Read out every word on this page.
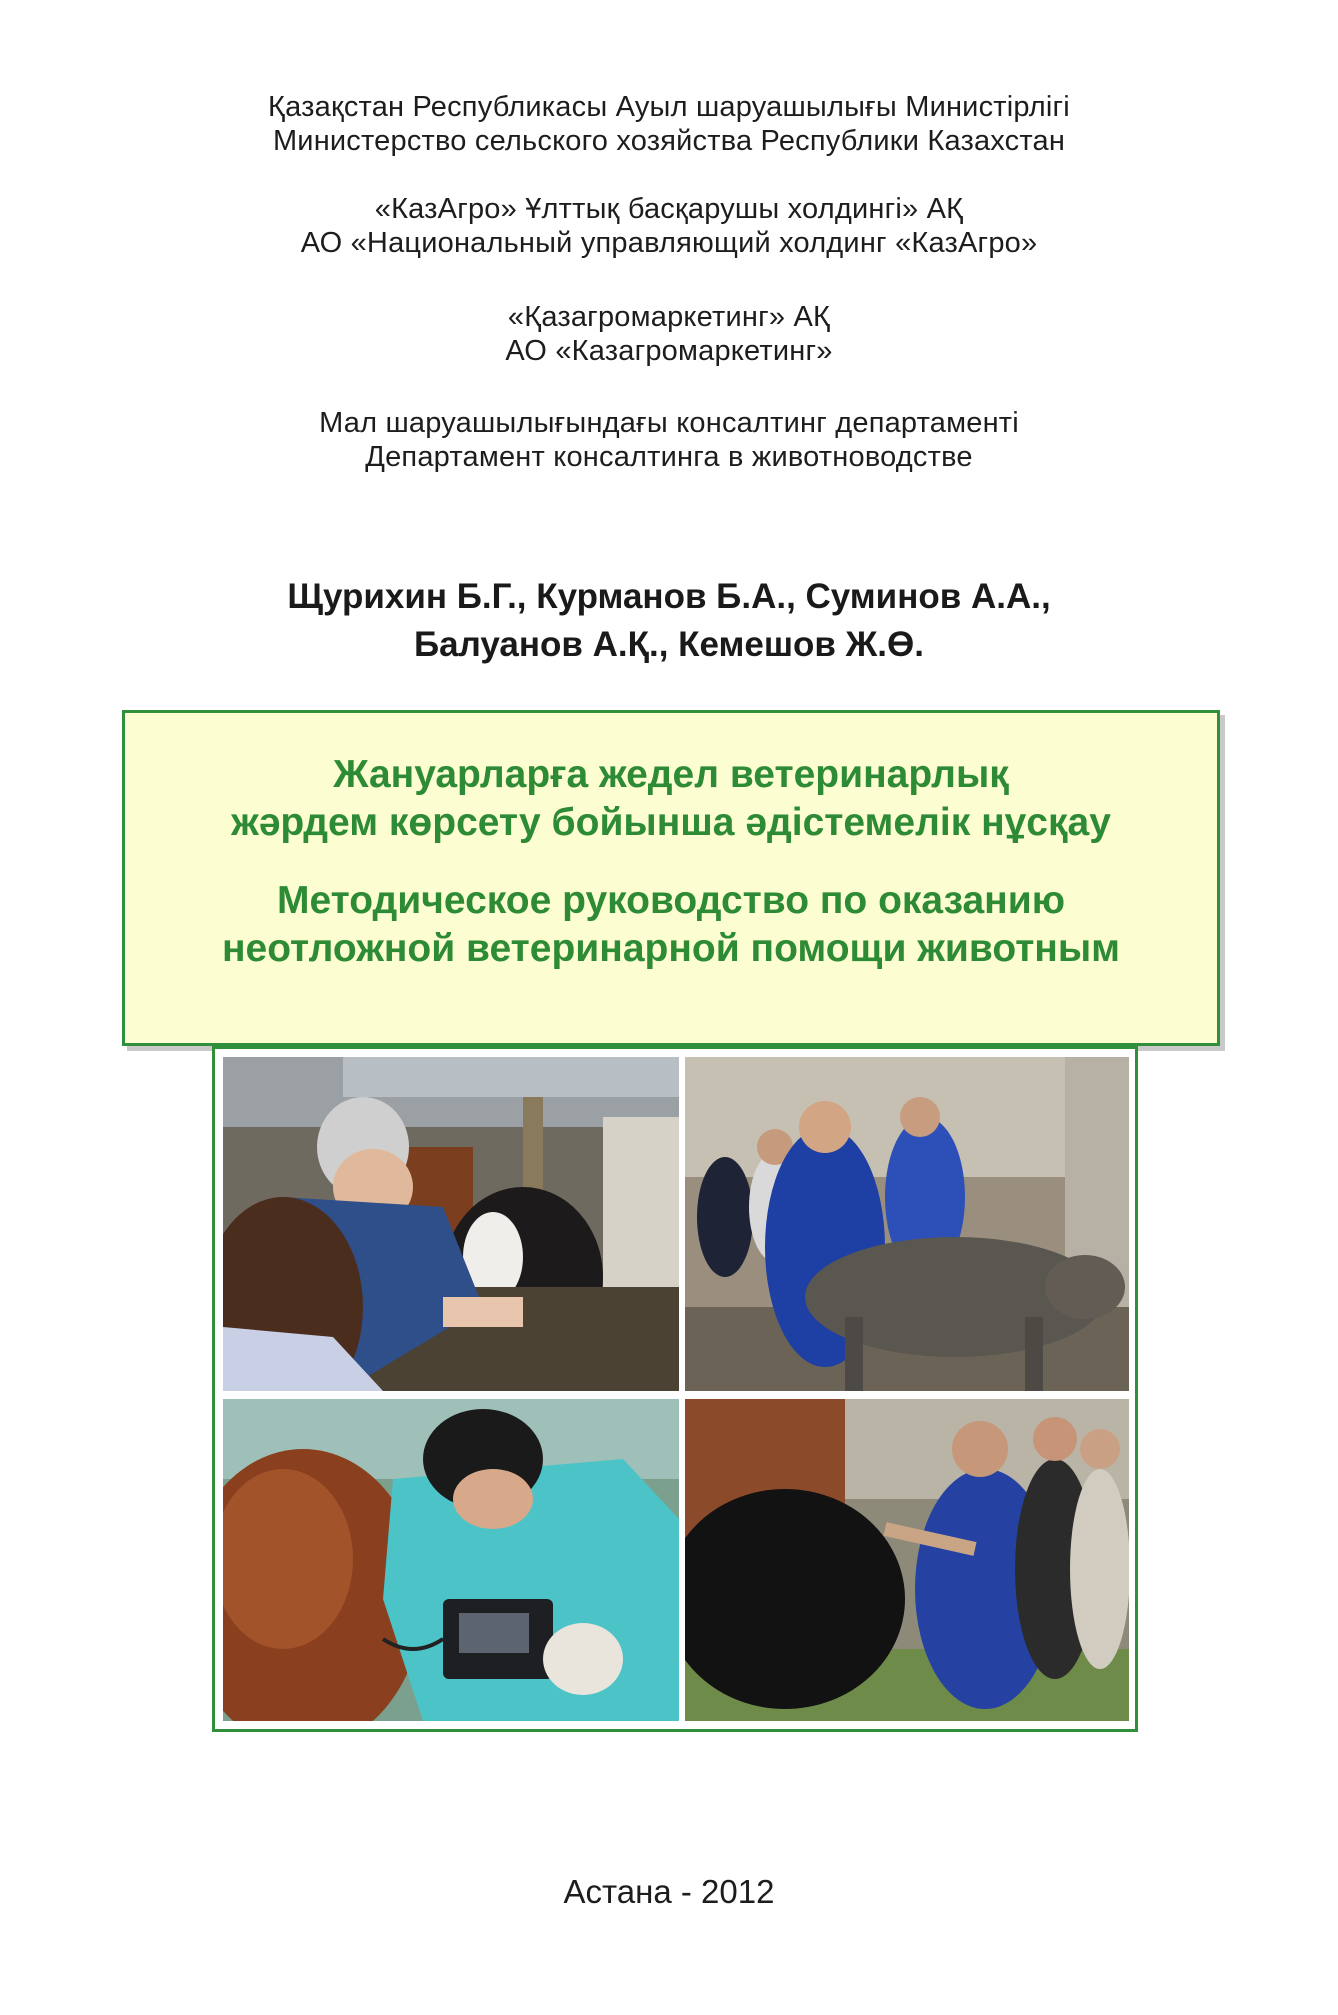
Қазақстан Республикасы Ауыл шаруашылығы Министірлігі
Министерство сельского хозяйства Республики Казахстан
«КазАгро» Ұлттық басқарушы холдингі» АҚ
АО «Национальный управляющий холдинг «КазАгро»
«Қазагромаркетинг» АҚ
АО «Казагромаркетинг»
Мал шаруашылығындағы консалтинг департаменті
Департамент консалтинга в животноводстве
Щурихин Б.Г., Курманов Б.А., Суминов А.А.,
Балуанов А.Қ., Кемешов Ж.Ө.
Жануарларға жедел ветеринарлық
жәрдем көрсету бойынша әдістемелік нұсқау
Методическое руководство по оказанию
неотложной ветеринарной помощи животным
Астана - 2012
